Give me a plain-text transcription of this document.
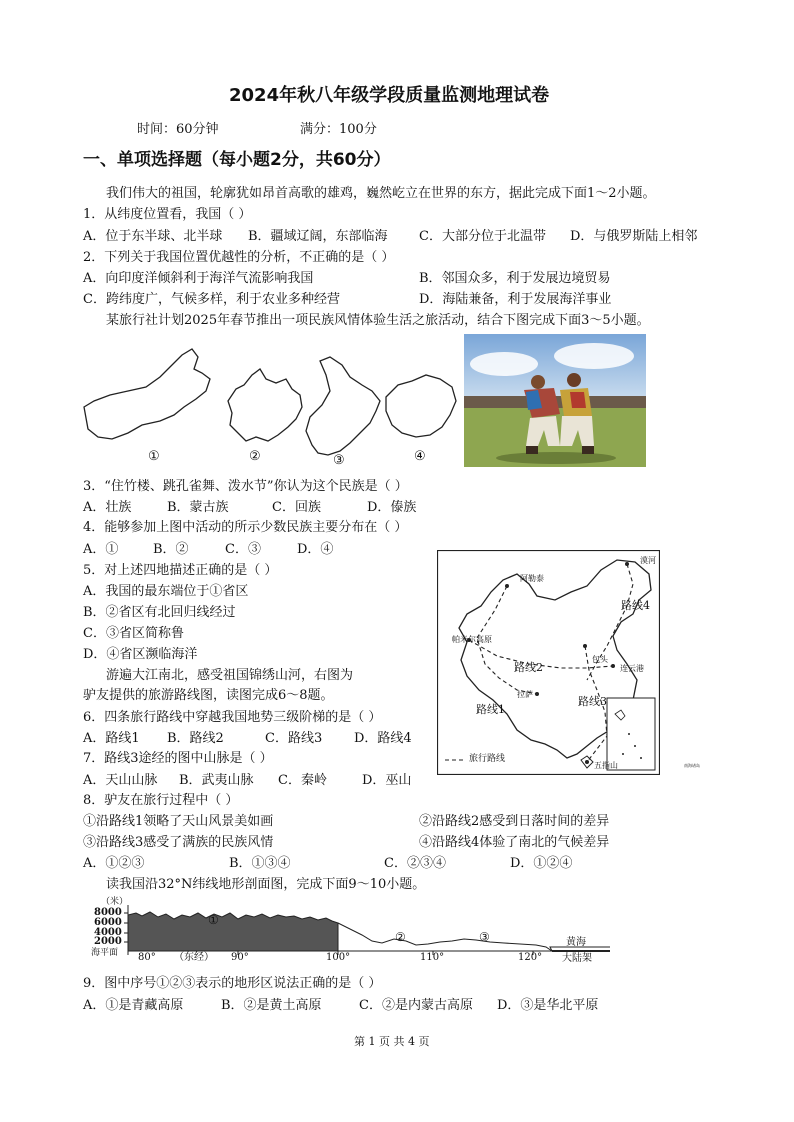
2024年秋八年级学段质量监测地理试卷
时间：60分钟	满分：100分
一、单项选择题（每小题2分，共60分）
我们伟大的祖国，轮廓犹如昂首高歌的雄鸡，巍然屹立在世界的东方，据此完成下面1～2小题。
1．从纬度位置看，我国（ ）
A．位于东半球、北半球 B．疆域辽阔，东部临海 C．大部分位于北温带 D．与俄罗斯陆上相邻
2．下列关于我国位置优越性的分析，不正确的是（ ）
A．向印度洋倾斜利于海洋气流影响我国	B．邻国众多，利于发展边境贸易
C．跨纬度广，气候多样，利于农业多种经营	D．海陆兼备，利于发展海洋事业
某旅行社计划2025年春节推出一项民族风情体验生活之旅活动，结合下图完成下面3～5小题。
①	②	③	④
3．“住竹楼、跳孔雀舞、泼水节”你认为这个民族是（ ）
A．壮族	B．蒙古族	C．回族	D．傣族
4．能够参加上图中活动的所示少数民族主要分布在（ ）
A．①	B．②	C．③	D．④
5．对上述四地描述正确的是（ ）
A．我国的最东端位于①省区
B．②省区有北回归线经过
C．③省区简称鲁
D．④省区濒临海洋
漠河
阿勒泰
帕米尔高原
包头
连云港
拉萨
五指山
路线1
路线2
路线3
路线4
旅行路线
南海诸岛
游遍大江南北，感受祖国锦绣山河，右图为
驴友提供的旅游路线图，读图完成6～8题。
6．四条旅行路线中穿越我国地势三级阶梯的是（ ）
A．路线1 B．路线2	C．路线3 D．路线4
7．路线3途经的图中山脉是（ ）
A．天山山脉 B．武夷山脉 C．秦岭	D．巫山
8．驴友在旅行过程中（ ）
①沿路线1领略了天山风景美如画	②沿路线2感受到日落时间的差异
③沿路线3感受了满族的民族风情	④沿路线4体验了南北的气候差异
A．①②③	B．①③④	C．②③④	D．①②④
读我国沿32°N纬线地形剖面图，完成下面9～10小题。
（米）
8000
6000
4000
2000
海平面 80° （东经） 90°	100°	110°	120°
①
②	③	黄海
大陆架
9．图中序号①②③表示的地形区说法正确的是（ ）
A．①是青藏高原	B．②是黄土高原	C．②是内蒙古高原 D．③是华北平原
第 1 页 共 4 页
